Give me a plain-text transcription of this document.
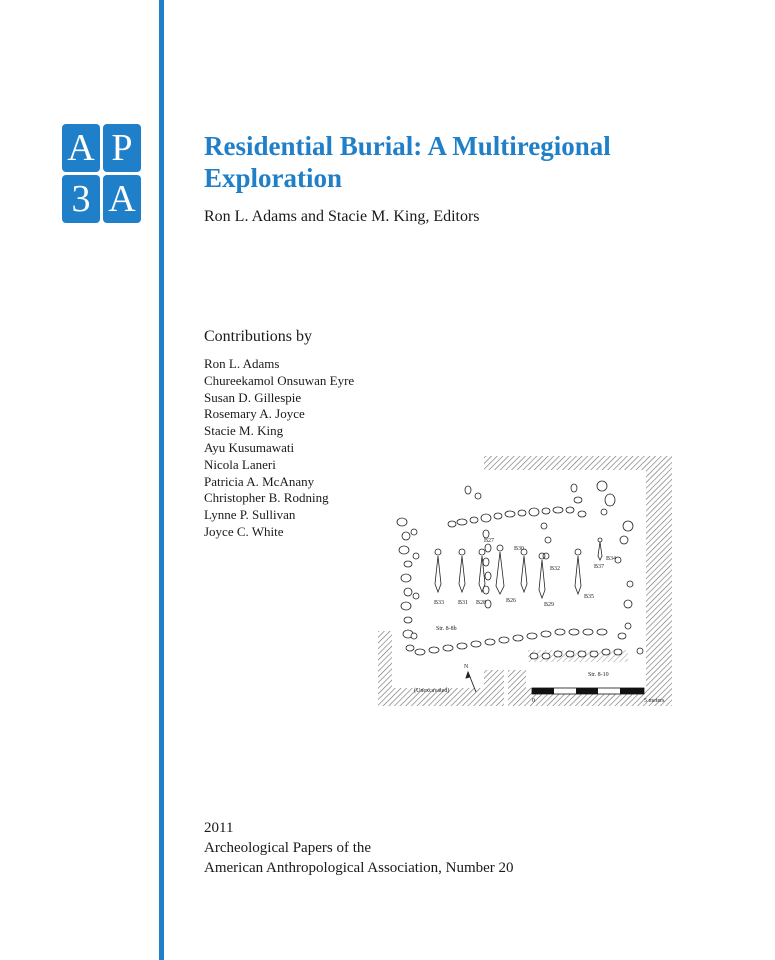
A P
3 A
Residential Burial: A Multiregional Exploration

Ron L. Adams and Stacie M. King, Editors

Contributions by

Ron L. Adams
Chureekamol Onsuwan Eyre
Susan D. Gillespie
Rosemary A. Joyce
Stacie M. King
Ayu Kusumawati
Nicola Laneri
Patricia A. McAnany
Christopher B. Rodning
Lynne P. Sullivan
Joyce C. White
B27
B30
B34
B32	B37
B33 B31 B28	B26
B29
B35
Str. 8-8b
Str. 8-10
(Unexcavated)
N
0	5 meters

2011
Archeological Papers of the
American Anthropological Association, Number 20
